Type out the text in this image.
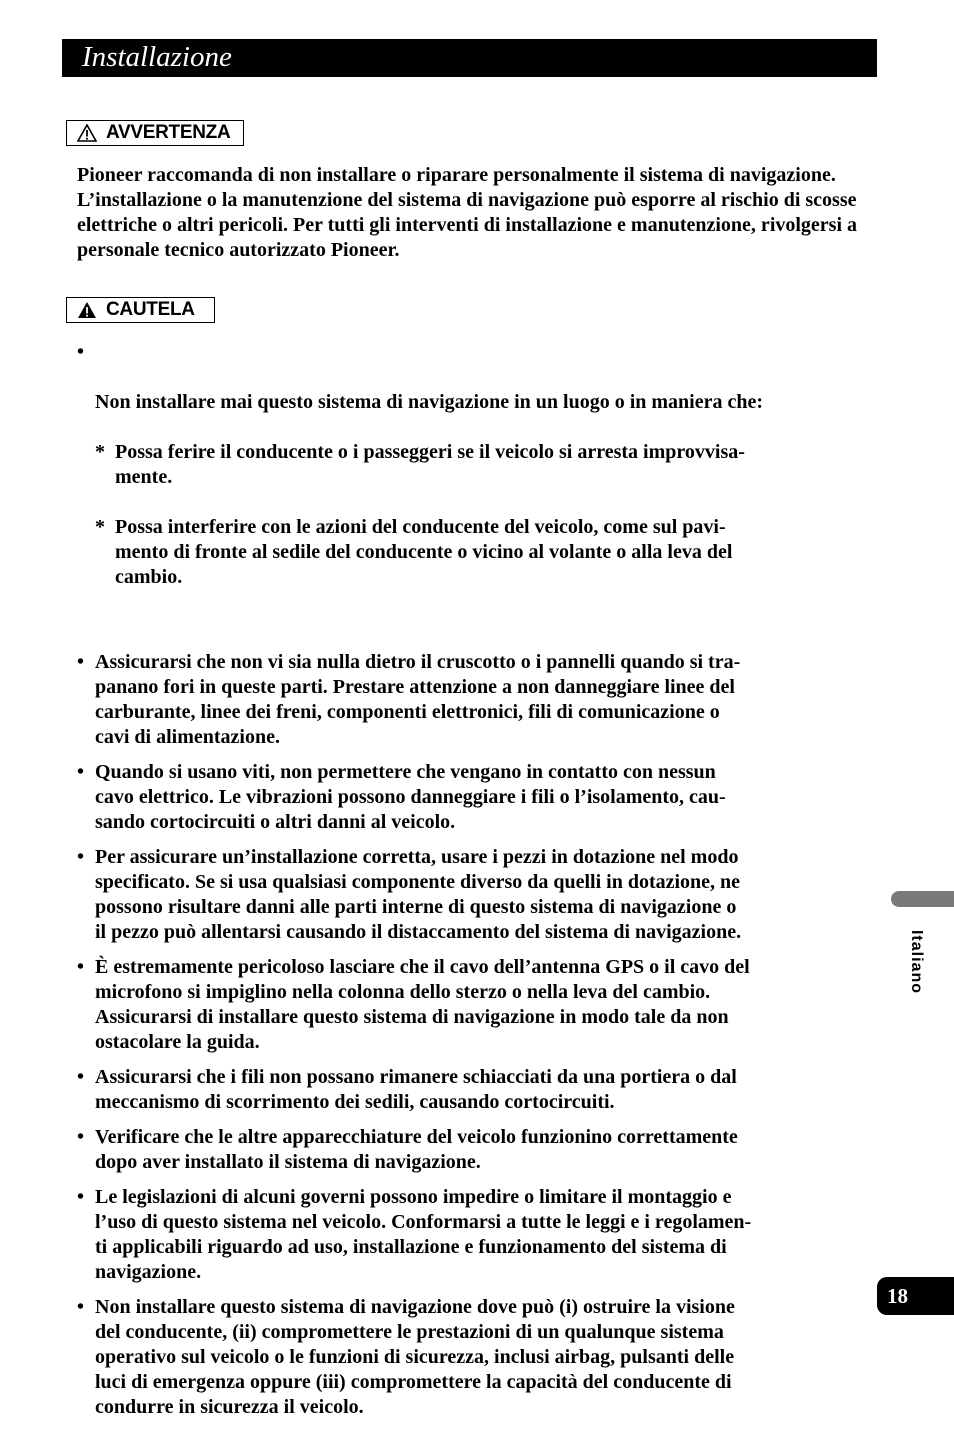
Installazione
AVVERTENZA

Pioneer raccomanda di non installare o riparare personalmente il sistema di navigazione. L’installazione o la manutenzione del sistema di navigazione può esporre al rischio di scosse elettriche o altri pericoli. Per tutti gli interventi di installazione e manutenzione, rivolgersi a personale tecnico autorizzato Pioneer.

CAUTELA

•

Non installare mai questo sistema di navigazione in un luogo o in maniera che:

* Possa ferire il conducente o i passeggeri se il veicolo si arresta improvvisa-
mente.

* Possa interferire con le azioni del conducente del veicolo, come sul pavi-
mento di fronte al sedile del conducente o vicino al volante o alla leva del
cambio.

• Assicurarsi che non vi sia nulla dietro il cruscotto o i pannelli quando si tra-
panano fori in queste parti. Prestare attenzione a non danneggiare linee del
carburante, linee dei freni, componenti elettronici, fili di comunicazione o
cavi di alimentazione.
• Quando si usano viti, non permettere che vengano in contatto con nessun
cavo elettrico. Le vibrazioni possono danneggiare i fili o l’isolamento, cau-
sando cortocircuiti o altri danni al veicolo.
• Per assicurare un’installazione corretta, usare i pezzi in dotazione nel modo
specificato. Se si usa qualsiasi componente diverso da quelli in dotazione, ne
possono risultare danni alle parti interne di questo sistema di navigazione o
il pezzo può allentarsi causando il distaccamento del sistema di navigazione.
• È estremamente pericoloso lasciare che il cavo dell’antenna GPS o il cavo del
microfono si impiglino nella colonna dello sterzo o nella leva del cambio.
Assicurarsi di installare questo sistema di navigazione in modo tale da non
ostacolare la guida.
• Assicurarsi che i fili non possano rimanere schiacciati da una portiera o dal
meccanismo di scorrimento dei sedili, causando cortocircuiti.
• Verificare che le altre apparecchiature del veicolo funzionino correttamente
dopo aver installato il sistema di navigazione.
• Le legislazioni di alcuni governi possono impedire o limitare il montaggio e
l’uso di questo sistema nel veicolo. Conformarsi a tutte le leggi e i regolamen-
ti applicabili riguardo ad uso, installazione e funzionamento del sistema di
navigazione.
• Non installare questo sistema di navigazione dove può (i) ostruire la visione
del conducente, (ii) compromettere le prestazioni di un qualunque sistema
operativo sul veicolo o le funzioni di sicurezza, inclusi airbag, pulsanti delle
luci di emergenza oppure (iii) compromettere la capacità del conducente di
condurre in sicurezza il veicolo.
Italiano
18
